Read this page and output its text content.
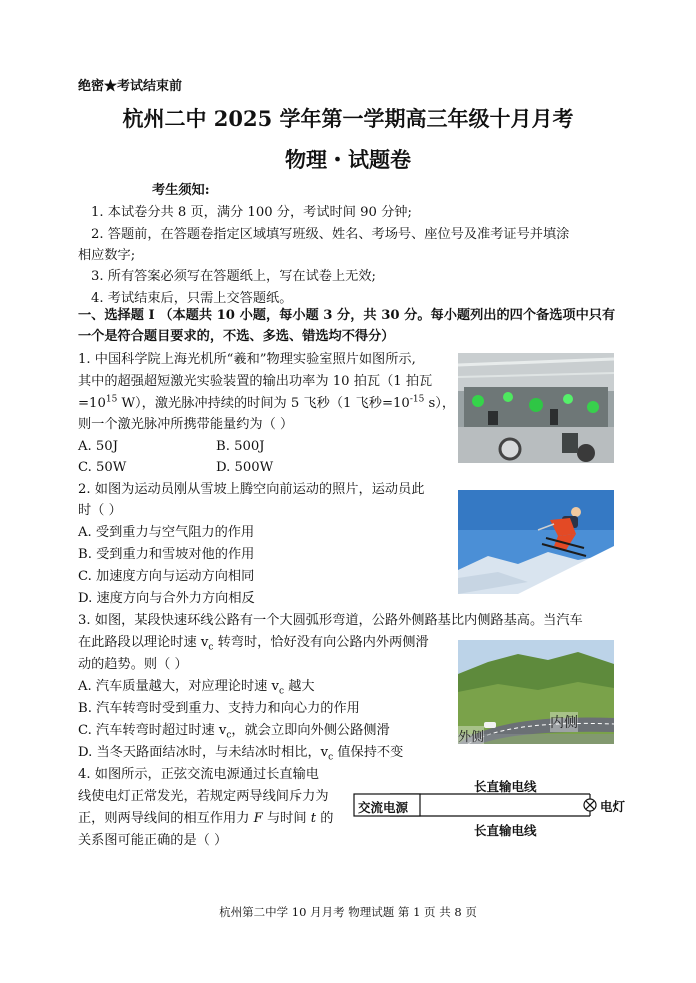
绝密★考试结束前
杭州二中 2025 学年第一学期高三年级十月月考
物理・试题卷
考生须知:
1. 本试卷分共 8 页，满分 100 分，考试时间 90 分钟;
2. 答题前，在答题卷指定区域填写班级、姓名、考场号、座位号及准考证号并填涂
相应数字;
3. 所有答案必须写在答题纸上，写在试卷上无效;
4. 考试结束后，只需上交答题纸。
一、选择题 I （本题共 10 小题，每小题 3 分，共 30 分。每小题列出的四个备选项中只有
一个是符合题目要求的，不选、多选、错选均不得分）
1. 中国科学院上海光机所“羲和”物理实验室照片如图所示,
其中的超强超短激光实验装置的输出功率为 10 拍瓦（1 拍瓦
$=10^{15}$ W），激光脉冲持续的时间为 5 飞秒（1 飞秒$=10^{-15}$ s），
则一个激光脉冲所携带能量约为（ ）
A. 50J	B. 500J
C. 50W	D. 500W
2. 如图为运动员刚从雪坡上腾空向前运动的照片，运动员此
时（ ）
A. 受到重力与空气阻力的作用
B. 受到重力和雪坡对他的作用
C. 加速度方向与运动方向相同
D. 速度方向与合外力方向相反
3. 如图，某段快速环线公路有一个大圆弧形弯道，公路外侧路基比内侧路基高。当汽车
在此路段以理论时速 $v_c$ 转弯时，恰好没有向公路内外两侧滑
动的趋势。则（ ）
A. 汽车质量越大，对应理论时速 $v_c$ 越大
B. 汽车转弯时受到重力、支持力和向心力的作用
C. 汽车转弯时超过时速 $v_c$，就会立即向外侧公路侧滑
D. 当冬天路面结冰时，与未结冰时相比，$v_c$ 值保持不变
内侧
外侧
4. 如图所示，正弦交流电源通过长直输电
线使电灯正常发光，若规定两导线间斥力为
正，则两导线间的相互作用力 F 与时间 t 的
关系图可能正确的是（ ）
长直输电线
长直输电线
交流电源	电灯
杭州第二中学 10 月月考 物理试题 第 1 页 共 8 页
